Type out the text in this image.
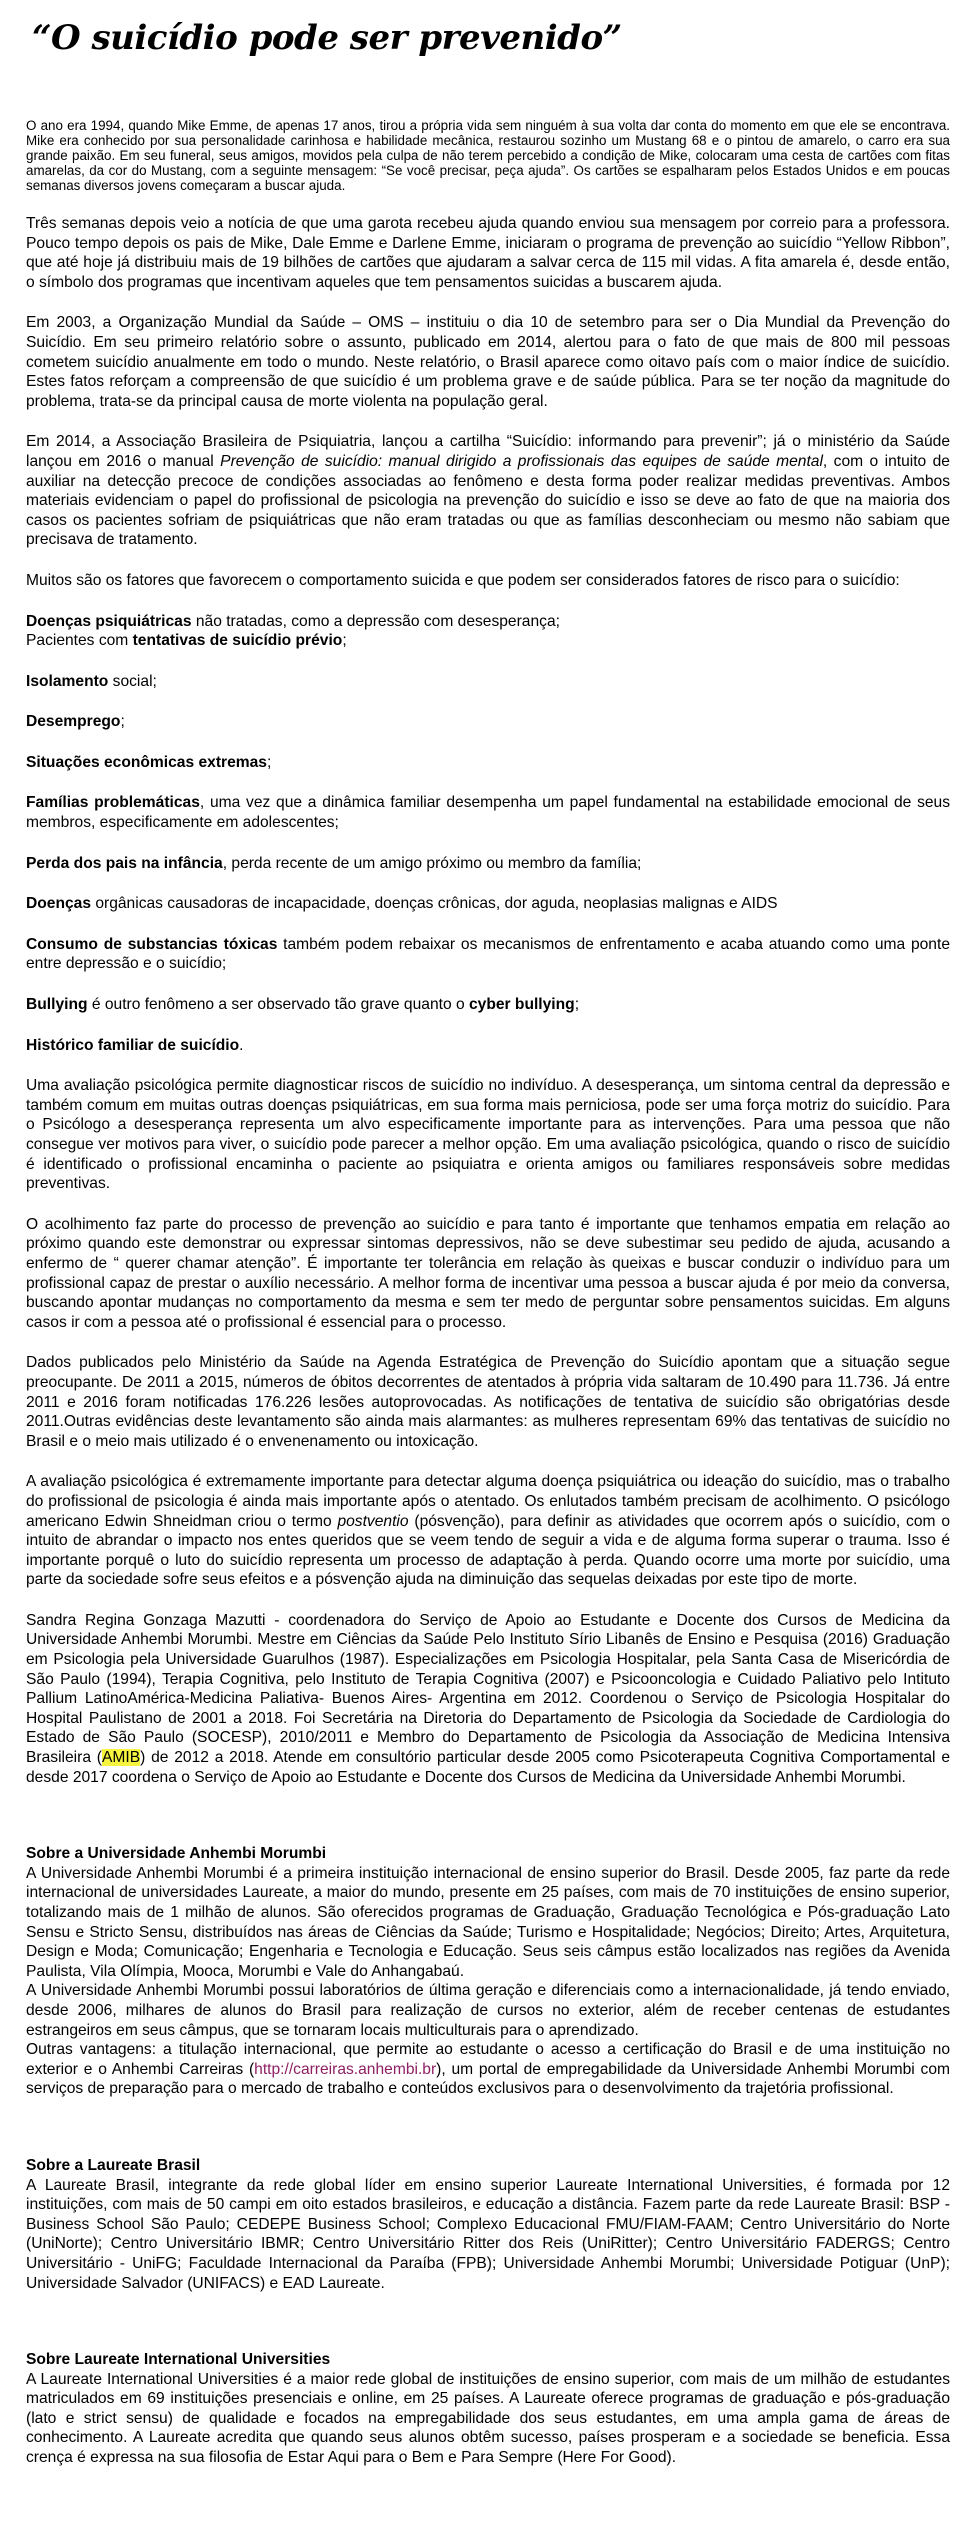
“O suicídio pode ser prevenido”

O ano era 1994, quando Mike Emme, de apenas 17 anos, tirou a própria vida sem ninguém à sua volta dar conta do momento em que ele se encontrava. Mike era conhecido por sua personalidade carinhosa e habilidade mecânica, restaurou sozinho um Mustang 68 e o pintou de amarelo, o carro era sua grande paixão. Em seu funeral, seus amigos, movidos pela culpa de não terem percebido a condição de Mike, colocaram uma cesta de cartões com fitas amarelas, da cor do Mustang, com a seguinte mensagem: “Se você precisar, peça ajuda”. Os cartões se espalharam pelos Estados Unidos e em poucas semanas diversos jovens começaram a buscar ajuda.

Três semanas depois veio a notícia de que uma garota recebeu ajuda quando enviou sua mensagem por correio para a professora. Pouco tempo depois os pais de Mike, Dale Emme e Darlene Emme, iniciaram o programa de prevenção ao suicídio “Yellow Ribbon”, que até hoje já distribuiu mais de 19 bilhões de cartões que ajudaram a salvar cerca de 115 mil vidas. A fita amarela é, desde então, o símbolo dos programas que incentivam aqueles que tem pensamentos suicidas a buscarem ajuda.

Em 2003, a Organização Mundial da Saúde – OMS – instituiu o dia 10 de setembro para ser o Dia Mundial da Prevenção do Suicídio. Em seu primeiro relatório sobre o assunto, publicado em 2014, alertou para o fato de que mais de 800 mil pessoas cometem suicídio anualmente em todo o mundo. Neste relatório, o Brasil aparece como oitavo país com o maior índice de suicídio. Estes fatos reforçam a compreensão de que suicídio é um problema grave e de saúde pública. Para se ter noção da magnitude do problema, trata-se da principal causa de morte violenta na população geral.

Em 2014, a Associação Brasileira de Psiquiatria, lançou a cartilha “Suicídio: informando para prevenir”; já o ministério da Saúde lançou em 2016 o manual Prevenção de suicídio: manual dirigido a profissionais das equipes de saúde mental, com o intuito de auxiliar na detecção precoce de condições associadas ao fenômeno e desta forma poder realizar medidas preventivas. Ambos materiais evidenciam o papel do profissional de psicologia na prevenção do suicídio e isso se deve ao fato de que na maioria dos casos os pacientes sofriam de psiquiátricas que não eram tratadas ou que as famílias desconheciam ou mesmo não sabiam que precisava de tratamento.

Muitos são os fatores que favorecem o comportamento suicida e que podem ser considerados fatores de risco para o suicídio:

Doenças psiquiátricas não tratadas, como a depressão com desesperança;

Pacientes com tentativas de suicídio prévio;

Isolamento social;

Desemprego;

Situações econômicas extremas;

Famílias problemáticas, uma vez que a dinâmica familiar desempenha um papel fundamental na estabilidade emocional de seus membros, especificamente em adolescentes;

Perda dos pais na infância, perda recente de um amigo próximo ou membro da família;

Doenças orgânicas causadoras de incapacidade, doenças crônicas, dor aguda, neoplasias malignas e AIDS

Consumo de substancias tóxicas também podem rebaixar os mecanismos de enfrentamento e acaba atuando como uma ponte entre depressão e o suicídio;

Bullying é outro fenômeno a ser observado tão grave quanto o cyber bullying;

Histórico familiar de suicídio.

Uma avaliação psicológica permite diagnosticar riscos de suicídio no indivíduo. A desesperança, um sintoma central da depressão e também comum em muitas outras doenças psiquiátricas, em sua forma mais perniciosa, pode ser uma força motriz do suicídio. Para o Psicólogo a desesperança representa um alvo especificamente importante para as intervenções. Para uma pessoa que não consegue ver motivos para viver, o suicídio pode parecer a melhor opção. Em uma avaliação psicológica, quando o risco de suicídio é identificado o profissional encaminha o paciente ao psiquiatra e orienta amigos ou familiares responsáveis sobre medidas preventivas.

O acolhimento faz parte do processo de prevenção ao suicídio e para tanto é importante que tenhamos empatia em relação ao próximo quando este demonstrar ou expressar sintomas depressivos, não se deve subestimar seu pedido de ajuda, acusando a enfermo de “ querer chamar atenção”. É importante ter tolerância em relação às queixas e buscar conduzir o indivíduo para um profissional capaz de prestar o auxílio necessário. A melhor forma de incentivar uma pessoa a buscar ajuda é por meio da conversa, buscando apontar mudanças no comportamento da mesma e sem ter medo de perguntar sobre pensamentos suicidas. Em alguns casos ir com a pessoa até o profissional é essencial para o processo.

Dados publicados pelo Ministério da Saúde na Agenda Estratégica de Prevenção do Suicídio apontam que a situação segue preocupante. De 2011 a 2015, números de óbitos decorrentes de atentados à própria vida saltaram de 10.490 para 11.736. Já entre 2011 e 2016 foram notificadas 176.226 lesões autoprovocadas. As notificações de tentativa de suicídio são obrigatórias desde 2011.Outras evidências deste levantamento são ainda mais alarmantes: as mulheres representam 69% das tentativas de suicídio no Brasil e o meio mais utilizado é o envenenamento ou intoxicação.

A avaliação psicológica é extremamente importante para detectar alguma doença psiquiátrica ou ideação do suicídio, mas o trabalho do profissional de psicologia é ainda mais importante após o atentado. Os enlutados também precisam de acolhimento. O psicólogo americano Edwin Shneidman criou o termo postventio (pósvenção), para definir as atividades que ocorrem após o suicídio, com o intuito de abrandar o impacto nos entes queridos que se veem tendo de seguir a vida e de alguma forma superar o trauma. Isso é importante porquê o luto do suicídio representa um processo de adaptação à perda. Quando ocorre uma morte por suicídio, uma parte da sociedade sofre seus efeitos e a pósvenção ajuda na diminuição das sequelas deixadas por este tipo de morte.

Sandra Regina Gonzaga Mazutti - coordenadora do Serviço de Apoio ao Estudante e Docente dos Cursos de Medicina da Universidade Anhembi Morumbi. Mestre em Ciências da Saúde Pelo Instituto Sírio Libanês de Ensino e Pesquisa (2016) Graduação em Psicologia pela Universidade Guarulhos (1987). Especializações em Psicologia Hospitalar, pela Santa Casa de Misericórdia de São Paulo (1994), Terapia Cognitiva, pelo Instituto de Terapia Cognitiva (2007) e Psicooncologia e Cuidado Paliativo pelo Intituto Pallium LatinoAmérica-Medicina Paliativa- Buenos Aires- Argentina em 2012. Coordenou o Serviço de Psicologia Hospitalar do Hospital Paulistano de 2001 a 2018. Foi Secretária na Diretoria do Departamento de Psicologia da Sociedade de Cardiologia do Estado de São Paulo (SOCESP), 2010/2011 e Membro do Departamento de Psicologia da Associação de Medicina Intensiva Brasileira (AMIB) de 2012 a 2018. Atende em consultório particular desde 2005 como Psicoterapeuta Cognitiva Comportamental e desde 2017 coordena o Serviço de Apoio ao Estudante e Docente dos Cursos de Medicina da Universidade Anhembi Morumbi.

Sobre a Universidade Anhembi Morumbi

A Universidade Anhembi Morumbi é a primeira instituição internacional de ensino superior do Brasil. Desde 2005, faz parte da rede internacional de universidades Laureate, a maior do mundo, presente em 25 países, com mais de 70 instituições de ensino superior, totalizando mais de 1 milhão de alunos. São oferecidos programas de Graduação, Graduação Tecnológica e Pós-graduação Lato Sensu e Stricto Sensu, distribuídos nas áreas de Ciências da Saúde; Turismo e Hospitalidade; Negócios; Direito; Artes, Arquitetura, Design e Moda; Comunicação; Engenharia e Tecnologia e Educação. Seus seis câmpus estão localizados nas regiões da Avenida Paulista, Vila Olímpia, Mooca, Morumbi e Vale do Anhangabaú.

A Universidade Anhembi Morumbi possui laboratórios de última geração e diferenciais como a internacionalidade, já tendo enviado, desde 2006, milhares de alunos do Brasil para realização de cursos no exterior, além de receber centenas de estudantes estrangeiros em seus câmpus, que se tornaram locais multiculturais para o aprendizado.

Outras vantagens: a titulação internacional, que permite ao estudante o acesso a certificação do Brasil e de uma instituição no exterior e o Anhembi Carreiras (http://carreiras.anhembi.br), um portal de empregabilidade da Universidade Anhembi Morumbi com serviços de preparação para o mercado de trabalho e conteúdos exclusivos para o desenvolvimento da trajetória profissional.

Sobre a Laureate Brasil

A Laureate Brasil, integrante da rede global líder em ensino superior Laureate International Universities, é formada por 12 instituições, com mais de 50 campi em oito estados brasileiros, e educação a distância. Fazem parte da rede Laureate Brasil: BSP - Business School São Paulo; CEDEPE Business School; Complexo Educacional FMU/FIAM-FAAM; Centro Universitário do Norte (UniNorte); Centro Universitário IBMR; Centro Universitário Ritter dos Reis (UniRitter); Centro Universitário FADERGS; Centro Universitário - UniFG; Faculdade Internacional da Paraíba (FPB); Universidade Anhembi Morumbi; Universidade Potiguar (UnP); Universidade Salvador (UNIFACS) e EAD Laureate.

Sobre Laureate International Universities

A Laureate International Universities é a maior rede global de instituições de ensino superior, com mais de um milhão de estudantes matriculados em 69 instituições presenciais e online, em 25 países. A Laureate oferece programas de graduação e pós-graduação (lato e strict sensu) de qualidade e focados na empregabilidade dos seus estudantes, em uma ampla gama de áreas de conhecimento. A Laureate acredita que quando seus alunos obtêm sucesso, países prosperam e a sociedade se beneficia. Essa crença é expressa na sua filosofia de Estar Aqui para o Bem e Para Sempre (Here For Good).
